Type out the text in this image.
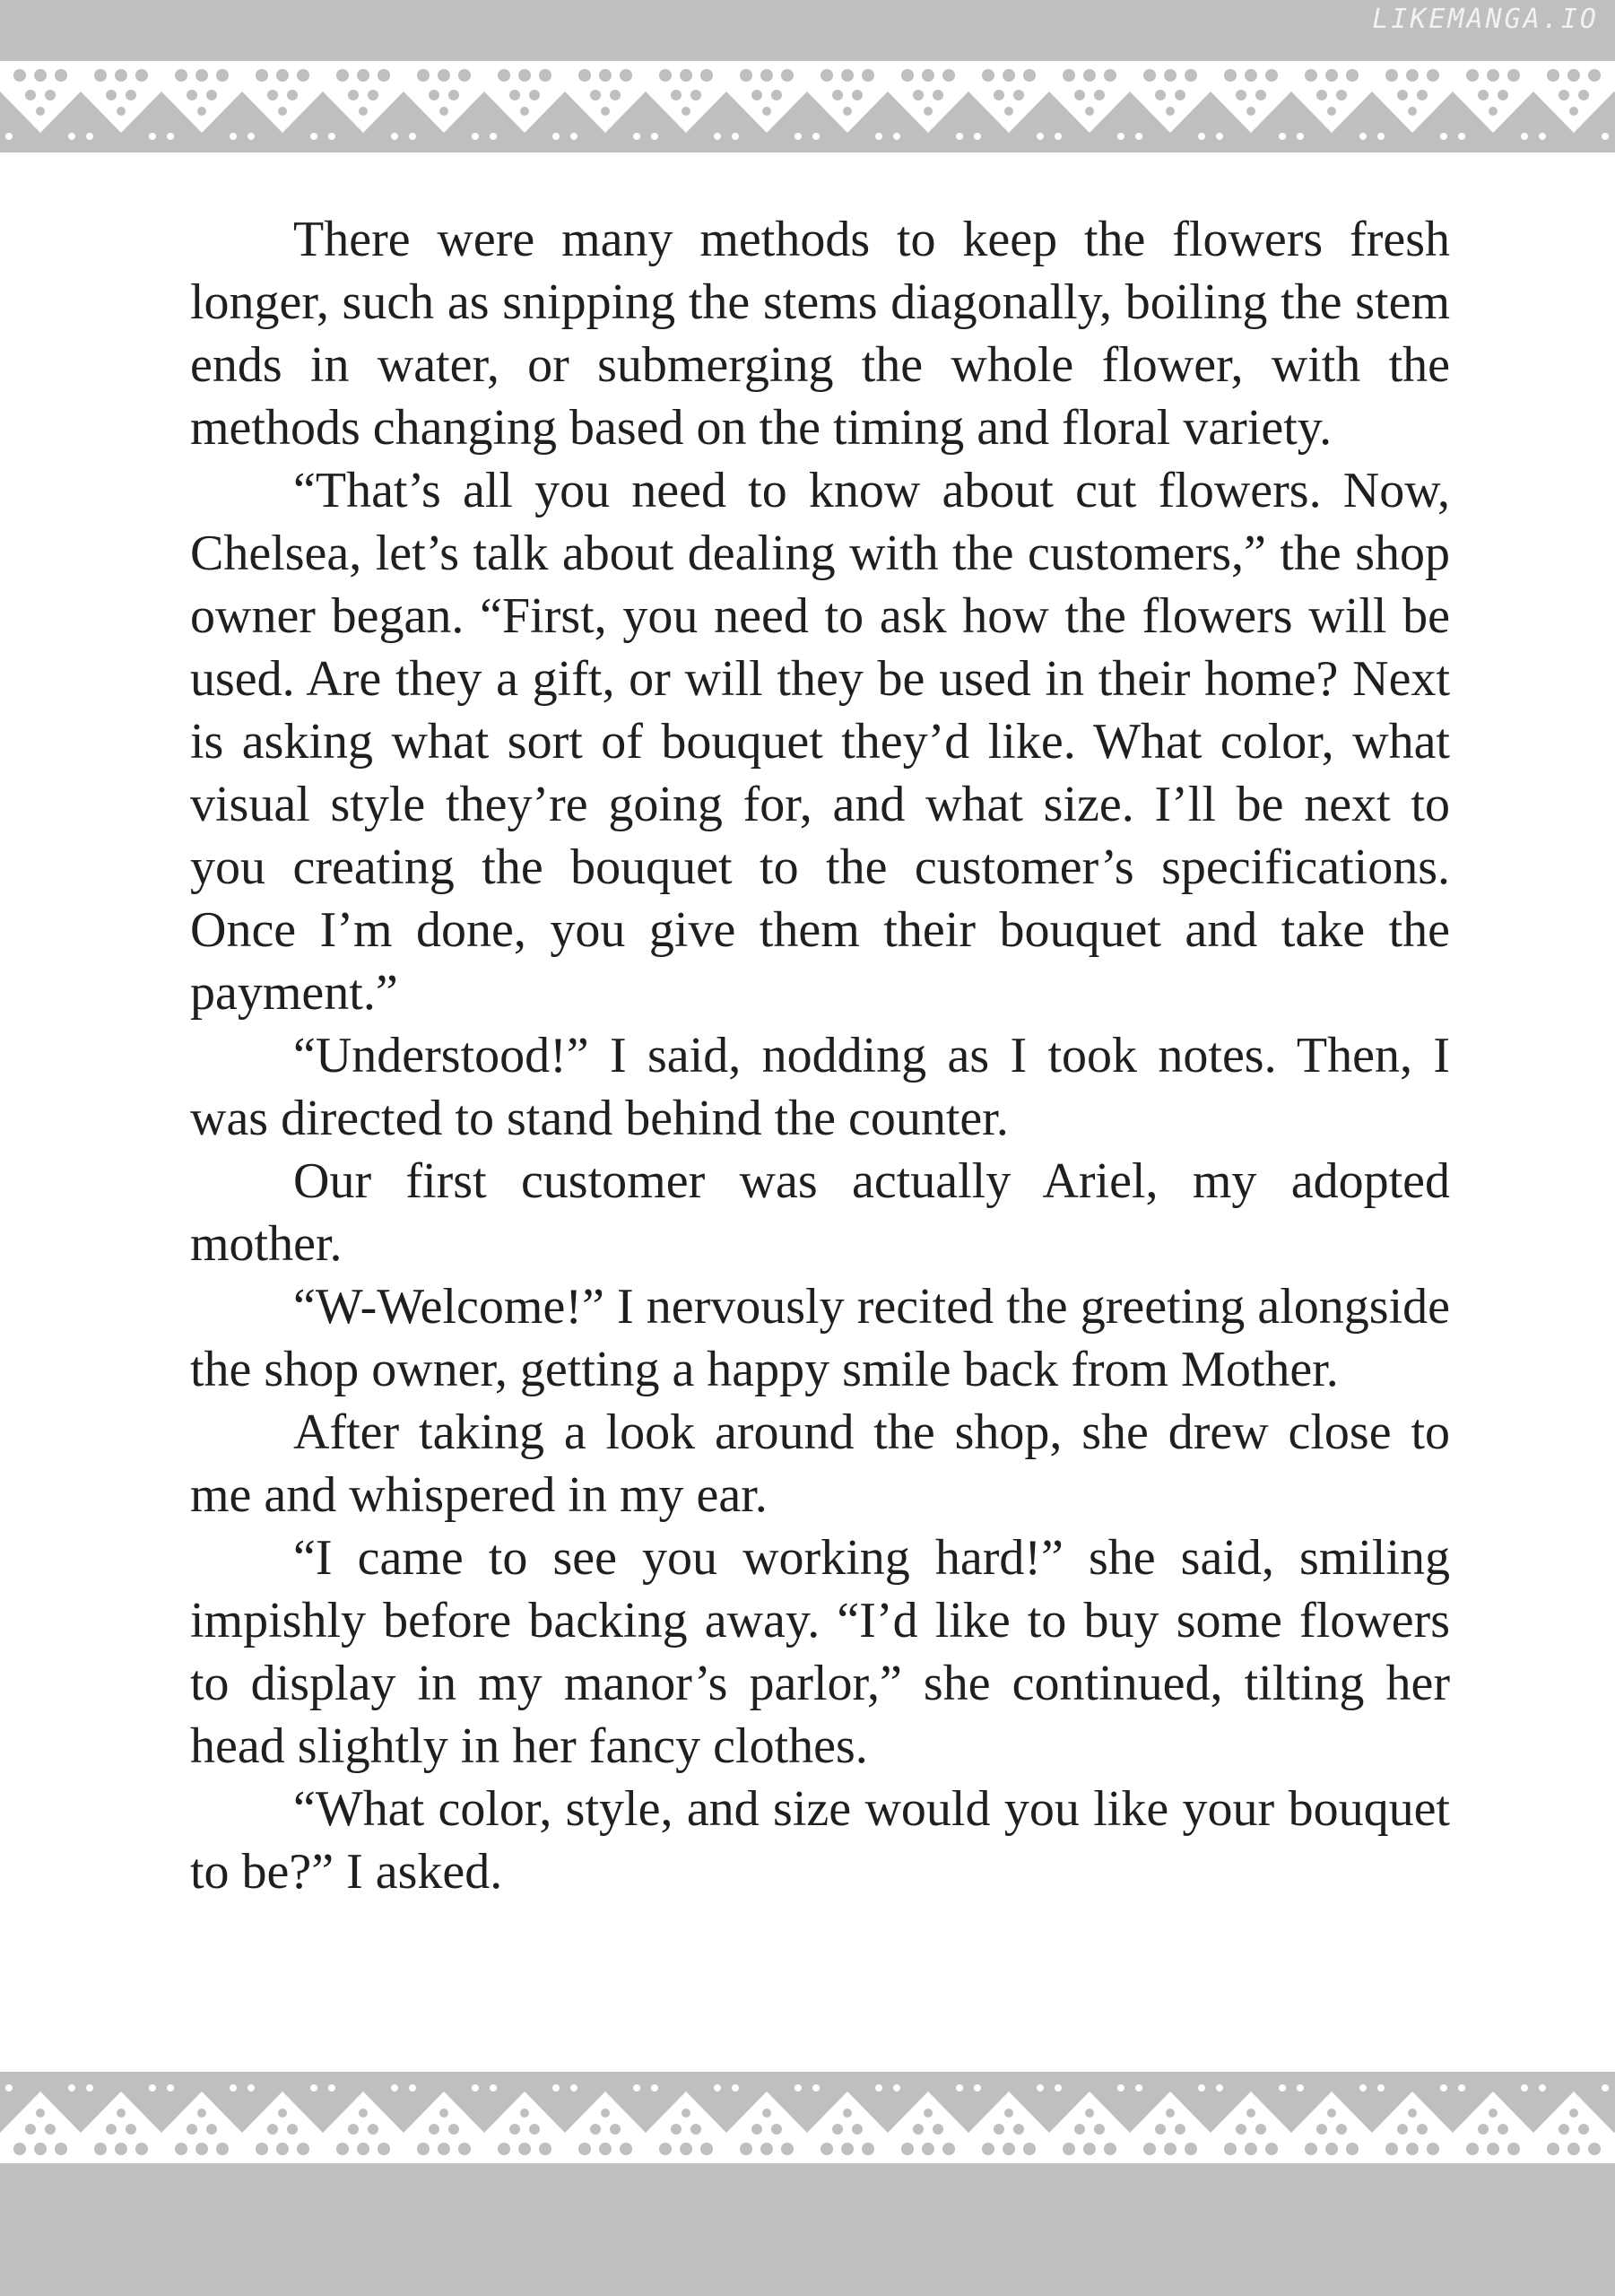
LIKEMANGA.IO

There were many methods to keep the flowers fresh longer, such as snipping the stems diagonally, boiling the stem ends in water, or submerging the whole flower, with the methods changing based on the timing and floral variety.

“That’s all you need to know about cut flowers. Now, Chelsea, let’s talk about dealing with the customers,” the shop owner began. “First, you need to ask how the flowers will be used. Are they a gift, or will they be used in their home? Next is asking what sort of bouquet they’d like. What color, what visual style they’re going for, and what size. I’ll be next to you creating the bouquet to the customer’s specifications. Once I’m done, you give them their bouquet and take the payment.”

“Understood!” I said, nodding as I took notes. Then, I was directed to stand behind the counter.

Our first customer was actually Ariel, my adopted mother.

“W-Welcome!” I nervously recited the greeting alongside the shop owner, getting a happy smile back from Mother.

After taking a look around the shop, she drew close to me and whispered in my ear.

“I came to see you working hard!” she said, smiling impishly before backing away. “I’d like to buy some flowers to display in my manor’s parlor,” she continued, tilting her head slightly in her fancy clothes.

“What color, style, and size would you like your bouquet to be?” I asked.
